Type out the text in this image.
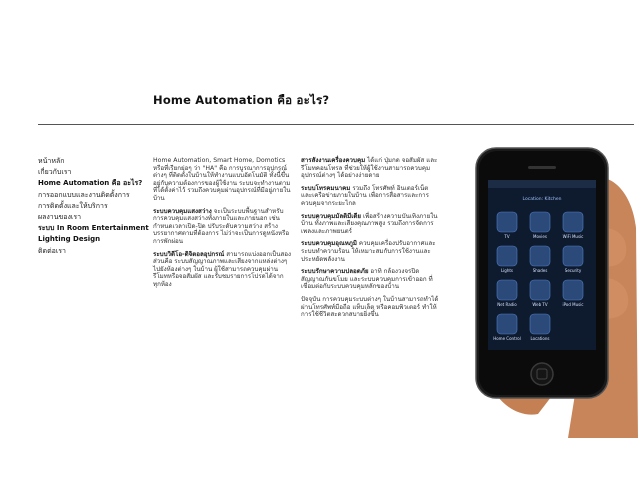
Home Automation คือ อะไร?
หน้าหลัก
เกี่ยวกับเรา
Home Automation คือ อะไร?
การออกแบบและงานติดตั้งการ
การติดตั้งและให้บริการ
ผลงานของเรา
ระบบ In Room Entertainment
Lighting Design
ติดต่อเรา

Home Automation, Smart Home, Domotics หรือที่เรียกย่อๆ ว่า "HA" คือ การบูรณาการอุปกรณ์ต่างๆ ที่ติดตั้งในบ้านให้ทำงานแบบอัตโนมัติ ทั้งนี้ขึ้นอยู่กับความต้องการของผู้ใช้งาน ระบบจะทำงานตามที่ได้ตั้งค่าไว้ รวมถึงควบคุมผ่านอุปกรณ์ที่มีอยู่ภายในบ้าน

ระบบควบคุมแสงสว่าง จะเป็นระบบพื้นฐานสำหรับการควบคุมแสงสว่างทั้งภายในและภายนอก เช่น กำหนดเวลาเปิด-ปิด ปรับระดับความสว่าง สร้างบรรยากาศตามที่ต้องการ ไม่ว่าจะเป็นการดูหนังหรือการพักผ่อน

ระบบวิดีโอ-ดิจิตอลอุปกรณ์ สามารถแบ่งออกเป็นสองส่วนคือ ระบบสัญญาณภาพและเสียงจากแหล่งต่างๆ ไปยังห้องต่างๆ ในบ้าน ผู้ใช้สามารถควบคุมผ่านรีโมทหรือจอสัมผัส และรับชมรายการโปรดได้จากทุกห้อง

สารสังงานเครื่องควบคุม ได้แก่ ปุ่มกด จอสัมผัส และรีโมทคอนโทรล ที่ช่วยให้ผู้ใช้งานสามารถควบคุมอุปกรณ์ต่างๆ ได้อย่างง่ายดาย

ระบบโทรคมนาคม รวมถึง โทรศัพท์ อินเตอร์เน็ต และเครือข่ายภายในบ้าน เพื่อการสื่อสารและการควบคุมจากระยะไกล

ระบบควบคุมมัลติมีเดีย เพื่อสร้างความบันเทิงภายในบ้าน ทั้งภาพและเสียงคุณภาพสูง รวมถึงการจัดการเพลงและภาพยนตร์

ระบบควบคุมอุณหภูมิ ควบคุมเครื่องปรับอากาศและระบบทำความร้อน ให้เหมาะสมกับการใช้งานและประหยัดพลังงาน

ระบบรักษาความปลอดภัย อาทิ กล้องวงจรปิด สัญญาณกันขโมย และระบบควบคุมการเข้าออก ที่เชื่อมต่อกับระบบควบคุมหลักของบ้าน

ปัจจุบัน การควบคุมระบบต่างๆ ในบ้านสามารถทำได้ผ่านโทรศัพท์มือถือ แท็บเล็ต หรือคอมพิวเตอร์ ทำให้การใช้ชีวิตสะดวกสบายยิ่งขึ้น

Location: Kitchen
TV	Movies	WiFi Music
Lights	Shades	Security
Net Radio	Web TV	iPod Music
Home Control Locations
